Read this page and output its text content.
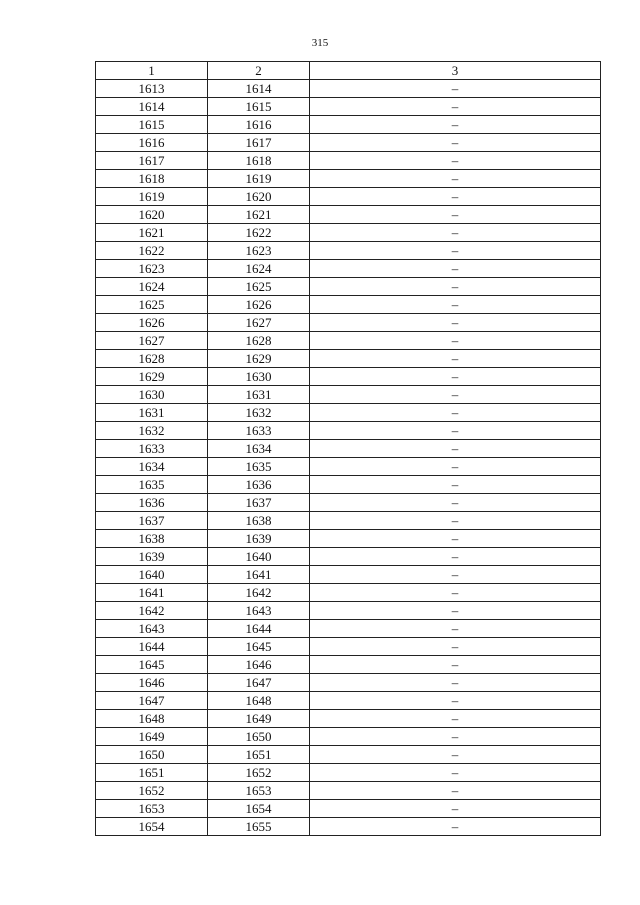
315
1	2	3
1613	1614	–
1614	1615	–
1615	1616	–
1616	1617	–
1617	1618	–
1618	1619	–
1619	1620	–
1620	1621	–
1621	1622	–
1622	1623	–
1623	1624	–
1624	1625	–
1625	1626	–
1626	1627	–
1627	1628	–
1628	1629	–
1629	1630	–
1630	1631	–
1631	1632	–
1632	1633	–
1633	1634	–
1634	1635	–
1635	1636	–
1636	1637	–
1637	1638	–
1638	1639	–
1639	1640	–
1640	1641	–
1641	1642	–
1642	1643	–
1643	1644	–
1644	1645	–
1645	1646	–
1646	1647	–
1647	1648	–
1648	1649	–
1649	1650	–
1650	1651	–
1651	1652	–
1652	1653	–
1653	1654	–
1654	1655	–
